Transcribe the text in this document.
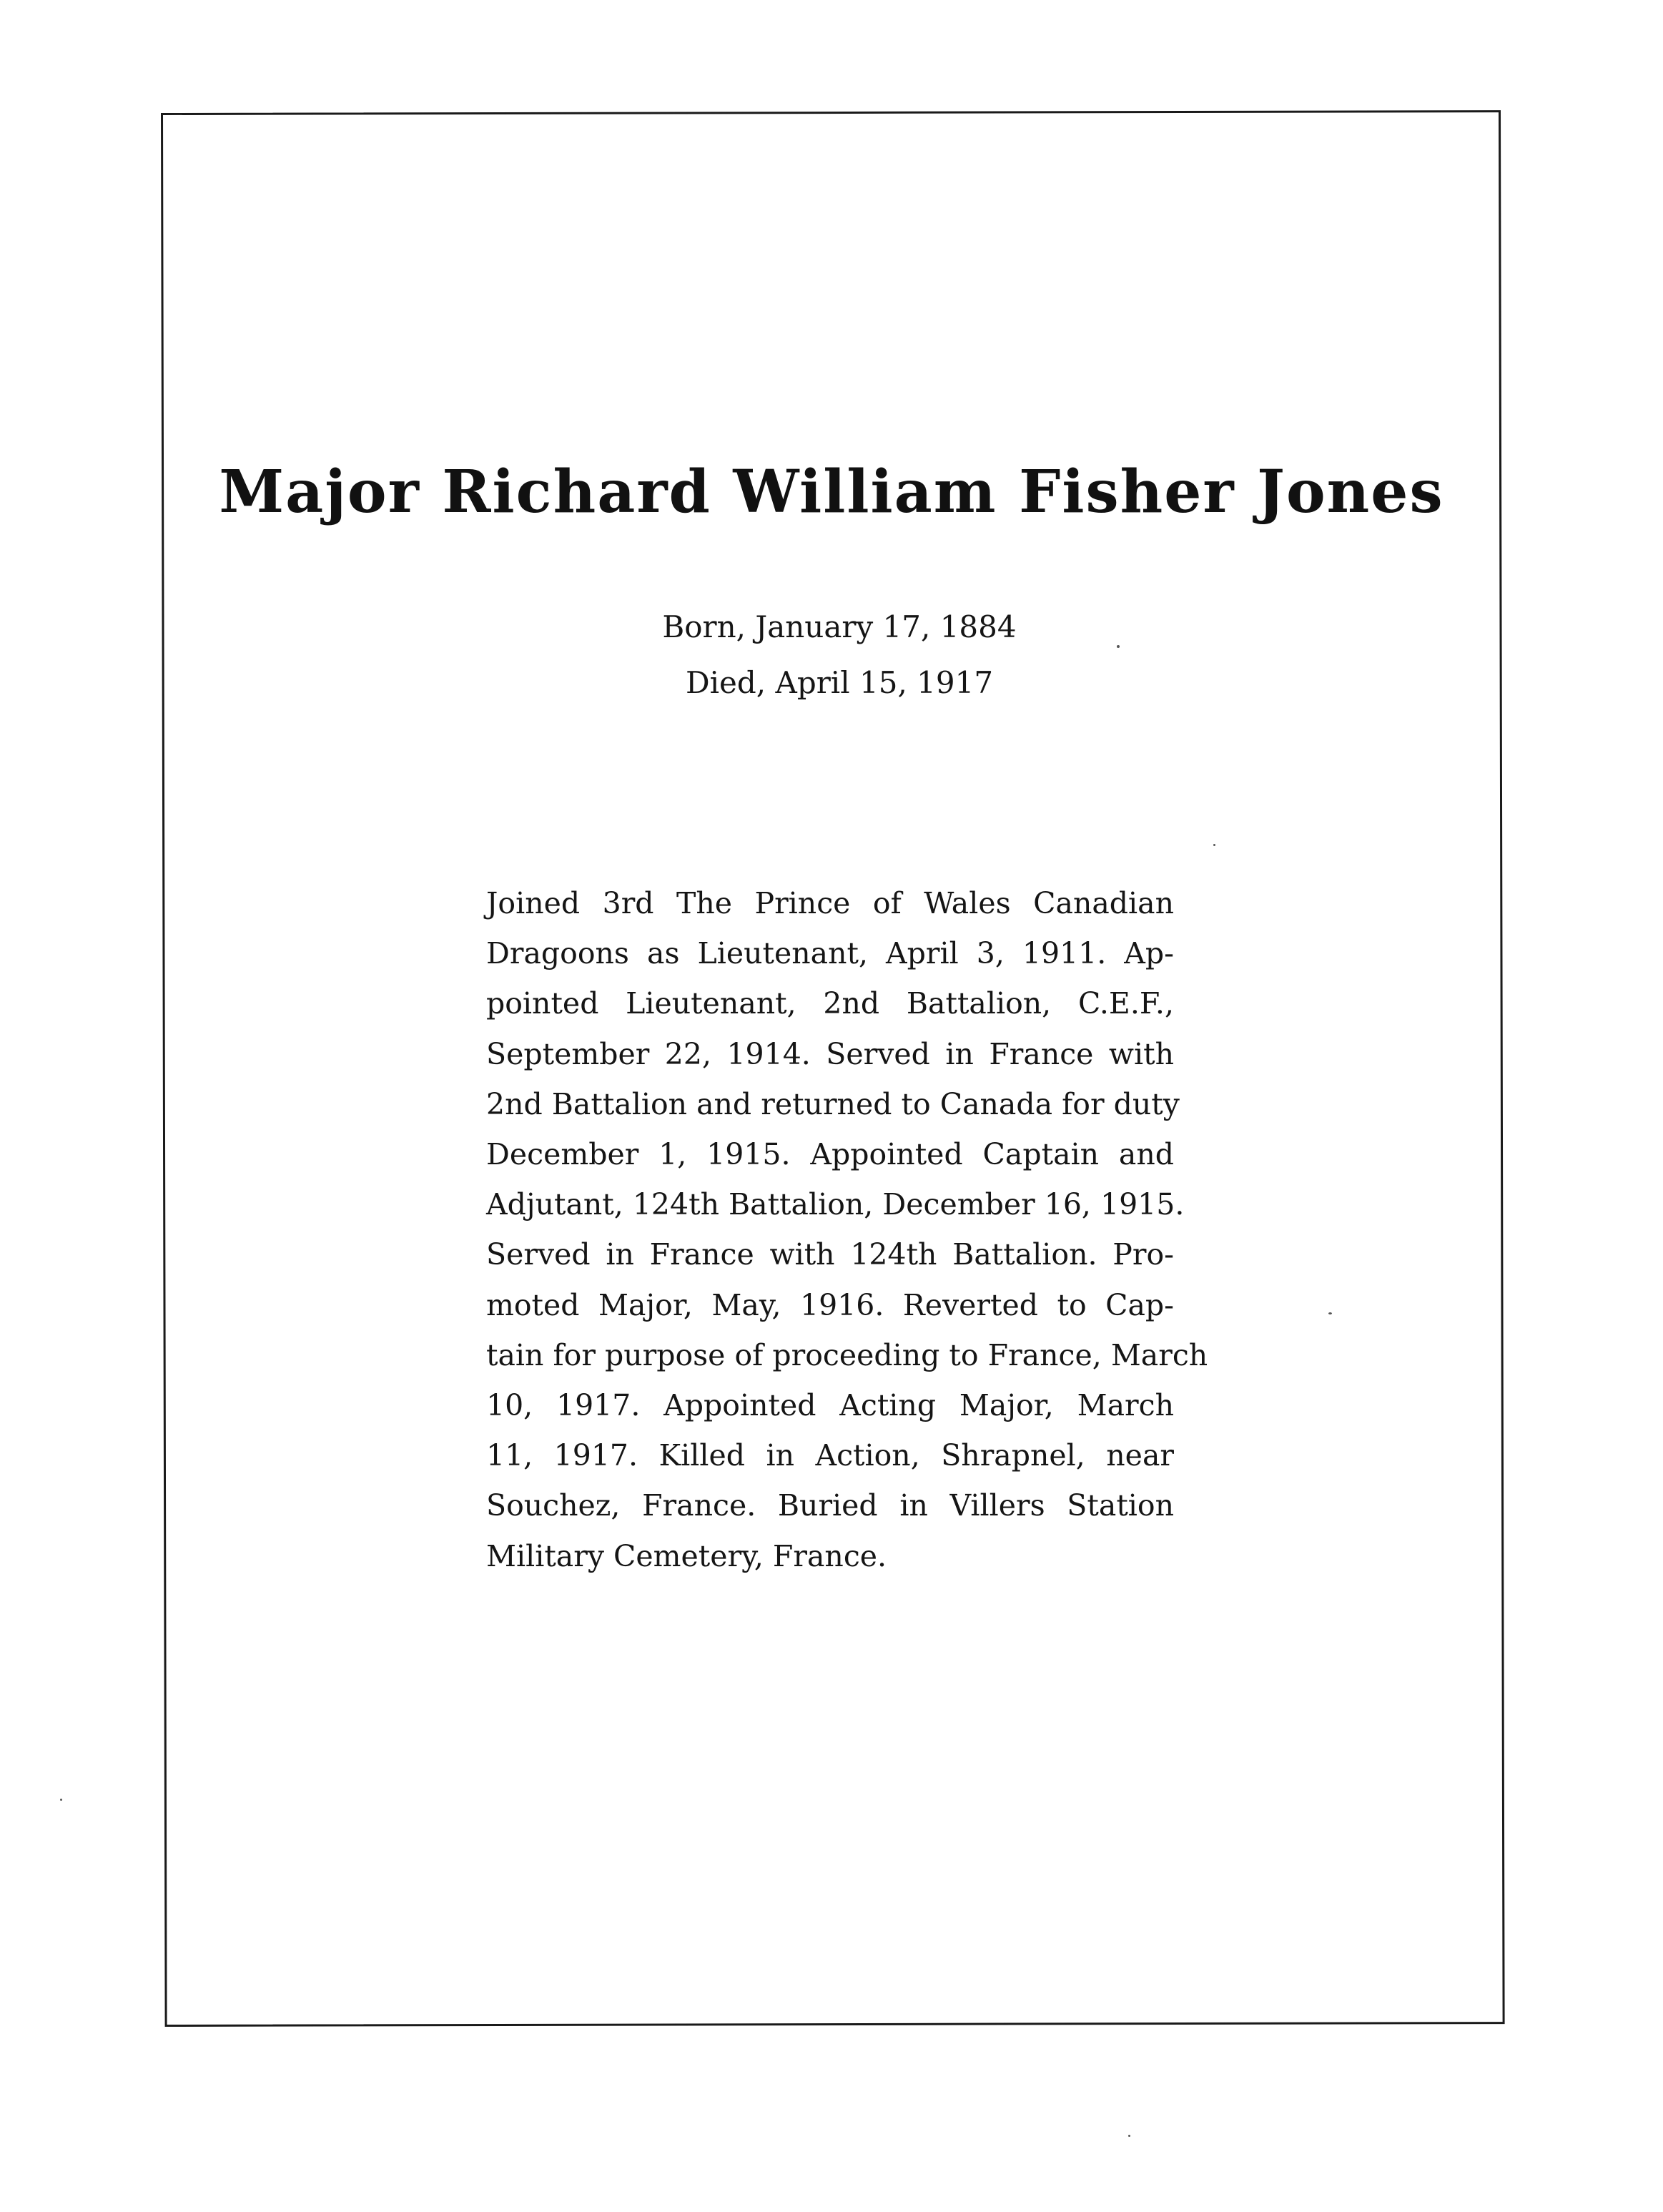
Major Richard William Fisher Jones
Born, January 17, 1884
Died, April 15, 1917
Joined 3rd The Prince of Wales Canadian
Dragoons as Lieutenant, April 3, 1911. Ap-
pointed Lieutenant, 2nd Battalion, C.E.F.,
September 22, 1914. Served in France with
2nd Battalion and returned to Canada for duty
December 1, 1915. Appointed Captain and
Adjutant, 124th Battalion, December 16, 1915.
Served in France with 124th Battalion. Pro-
moted Major, May, 1916. Reverted to Cap-
tain for purpose of proceeding to France, March
10, 1917. Appointed Acting Major, March
11, 1917. Killed in Action, Shrapnel, near
Souchez, France. Buried in Villers Station
Military Cemetery, France.
